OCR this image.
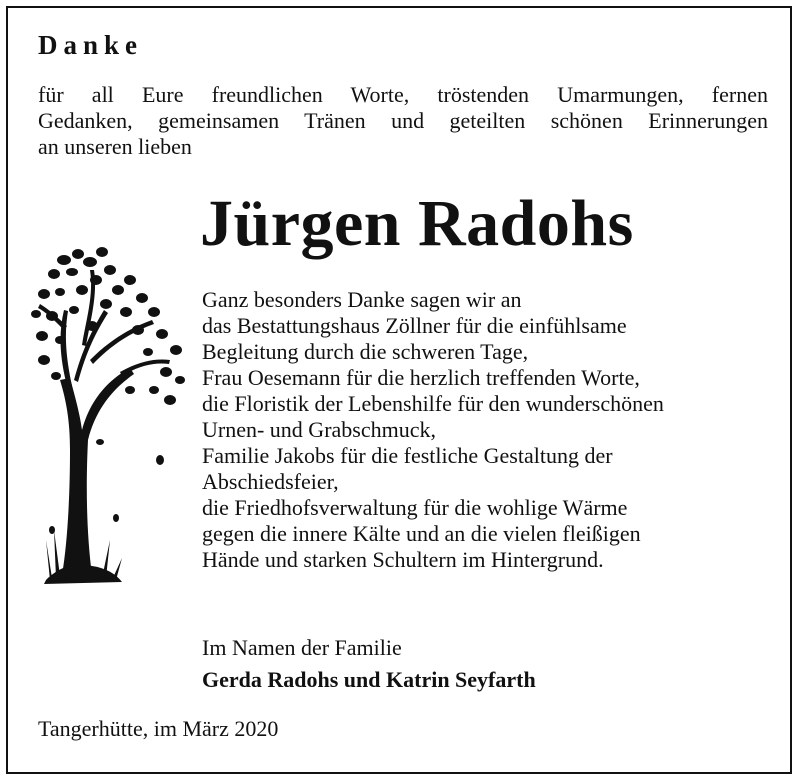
Danke

für all Eure freundlichen Worte, tröstenden Umarmungen, fernen
Gedanken, gemeinsamen Tränen und geteilten schönen Erinnerungen
an unseren lieben

Jürgen Radohs
Ganz besonders Danke sagen wir an
das Bestattungshaus Zöllner für die einfühlsame
Begleitung durch die schweren Tage,
Frau Oesemann für die herzlich treffenden Worte,
die Floristik der Lebenshilfe für den wunderschönen
Urnen- und Grabschmuck,
Familie Jakobs für die festliche Gestaltung der
Abschiedsfeier,
die Friedhofsverwaltung für die wohlige Wärme
gegen die innere Kälte und an die vielen fleißigen
Hände und starken Schultern im Hintergrund.
Im Namen der Familie
Gerda Radohs und Katrin Seyfarth
Tangerhütte, im März 2020
